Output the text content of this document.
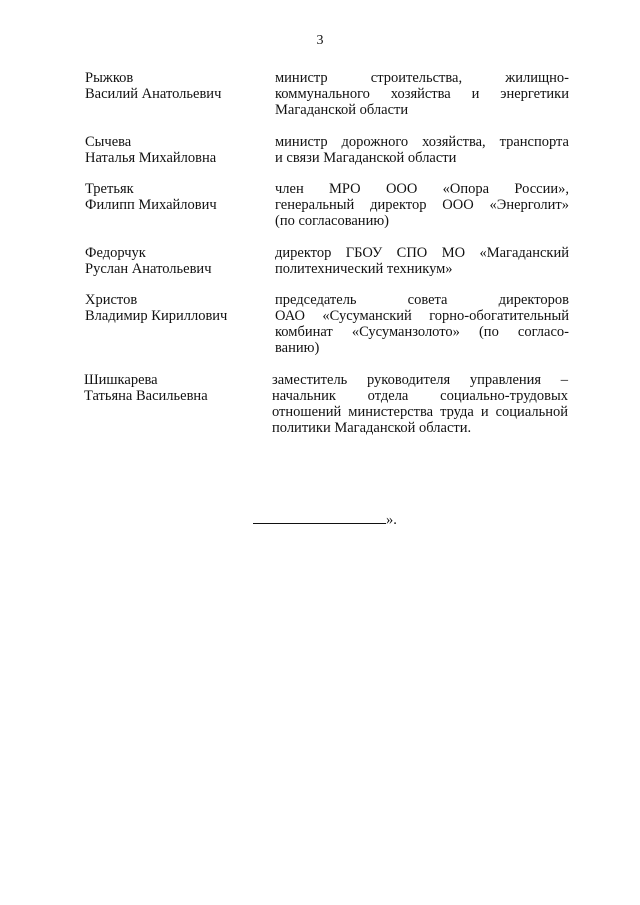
3
Рыжков
Василий Анатольевич
министр строительства, жилищно-
коммунального хозяйства и энергетики
Магаданской области
Сычева
Наталья Михайловна
министр дорожного хозяйства, транспорта
и связи Магаданской области
Третьяк
Филипп Михайлович
член МРО ООО «Опора России»,
генеральный директор ООО «Энерголит»
(по согласованию)
Федорчук
Руслан Анатольевич
директор ГБОУ СПО МО «Магаданский
политехнический техникум»
Христов
Владимир Кириллович
председатель совета директоров
ОАО «Сусуманский горно-обогатительный
комбинат «Сусуманзолото» (по согласо-
ванию)
Шишкарева
Татьяна Васильевна
заместитель руководителя управления –
начальник отдела социально-трудовых
отношений министерства труда и социальной
политики Магаданской области.
».
